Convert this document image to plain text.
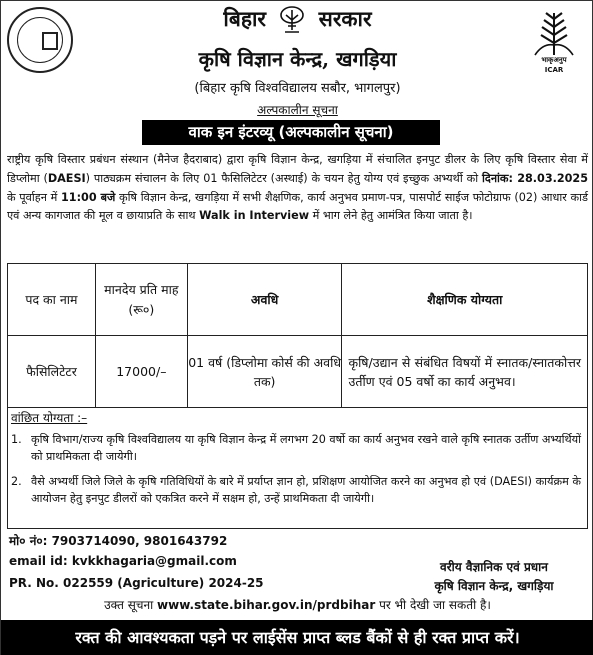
बिहार	सरकार
भाकृअनुप
ICAR
कृषि विज्ञान केन्द्र, खगड़िया
(बिहार कृषि विश्वविद्यालय सबौर, भागलपुर)
अल्पकालीन सूचना
वाक इन इंटरव्यू (अल्पकालीन सूचना)
राष्ट्रीय कृषि विस्तार प्रबंधन संस्थान (मैनेज हैदराबाद) द्वारा कृषि विज्ञान केन्द्र, खगड़िया में संचालित इनपुट डीलर के लिए कृषि विस्तार सेवा में डिप्लोमा (DAESI) पाठ्यक्रम संचालन के लिए 01 फैसिलिटेटर (अस्थाई) के चयन हेतु योग्य एवं इच्छुक अभ्यर्थी को दिनांक: 28.03.2025 के पूर्वाहन में 11:00 बजे कृषि विज्ञान केन्द्र, खगड़िया में सभी शैक्षणिक, कार्य अनुभव प्रमाण-पत्र, पासपोर्ट साईज फोटोग्राफ (02) आधार कार्ड एवं अन्य कागजात की मूल व छायाप्रति के साथ Walk in Interview में भाग लेने हेतु आमंत्रित किया जाता है।
पद का नाम	मानदेय प्रति माह (रू०)	अवधि	शैक्षणिक योग्यता
फैसिलिटेटर	17000/–	01 वर्ष (डिप्लोमा कोर्स की अवधि तक)	कृषि/उद्यान से संबंधित विषयों में स्नातक/स्नातकोत्तर उर्तीण एवं 05 वर्षो का कार्य अनुभव।
वांछित योग्यता :–
1. कृषि विभाग/राज्य कृषि विश्वविद्यालय या कृषि विज्ञान केन्द्र में लगभग 20 वर्षो का कार्य अनुभव रखने वाले कृषि स्नातक उर्तीण अभ्यर्थियों को प्राथमिकता दी जायेगी।
2. वैसे अभ्यर्थी जिले जिले के कृषि गतिविधियों के बारे में प्रर्याप्त ज्ञान हो, प्रशिक्षण आयोजित करने का अनुभव हो एवं (DAESI) कार्यक्रम के आयोजन हेतु इनपुट डीलरों को एकत्रित करने में सक्षम हो, उन्हें प्राथमिकता दी जायेगी।
मो० नं०: 7903714090, 9801643792
email id: kvkkhagaria@gmail.com
PR. No. 022559 (Agriculture) 2024-25
वरीय वैज्ञानिक एवं प्रधान
कृषि विज्ञान केन्द्र, खगड़िया
उक्त सूचना www.state.bihar.gov.in/prdbihar पर भी देखी जा सकती है।
रक्त की आवश्यकता पड़ने पर लाईसेंस प्राप्त ब्लड बैंकों से ही रक्त प्राप्त करें।
